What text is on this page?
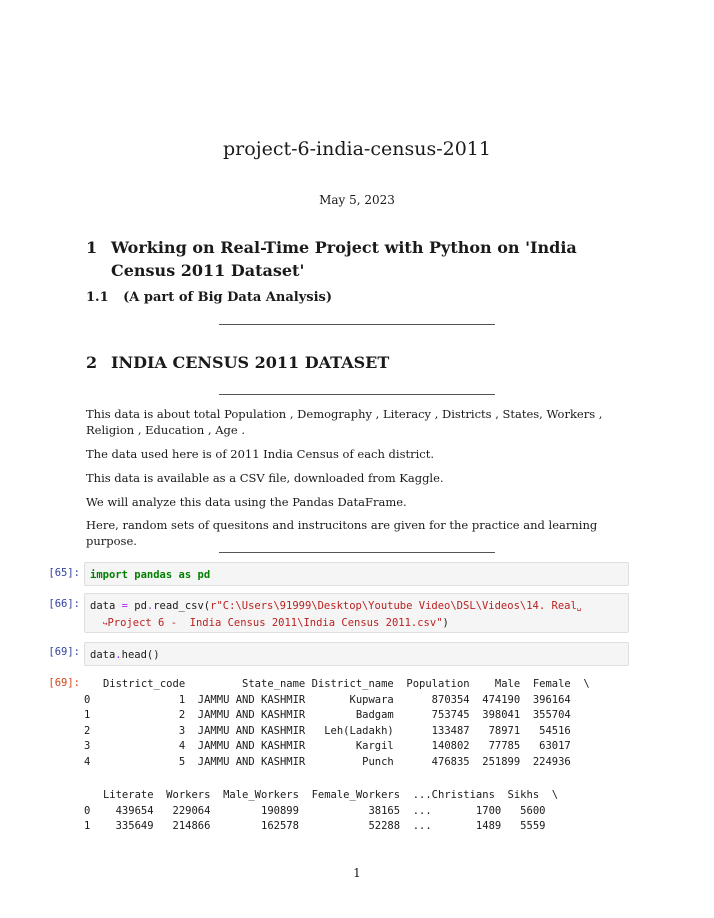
project-6-india-census-2011
May 5, 2023
1 Working on Real-Time Project with Python on 'India Census 2011 Dataset'
1.1 (A part of Big Data Analysis)
2 INDIA CENSUS 2011 DATASET
This data is about total Population , Demography , Literacy , Districts , States, Workers , Religion , Education , Age .
The data used here is of 2011 India Census of each district.
This data is available as a CSV file, downloaded from Kaggle.
We will analyze this data using the Pandas DataFrame.
Here, random sets of quesitons and instrucitons are given for the practice and learning purpose.
[65]: import pandas as pd
[66]: data = pd.read_csv(r"C:\Users\91999\Desktop\Youtube Video\DSL\Videos\14. Real␣
↪Project 6 -  India Census 2011\India Census 2011.csv")
[69]: data.head()
[69]:	District_code         State_name District_name  Population    Male  Female  \
0              1  JAMMU AND KASHMIR       Kupwara      870354  474190  396164
1              2  JAMMU AND KASHMIR        Badgam      753745  398041  355704
2              3  JAMMU AND KASHMIR   Leh(Ladakh)      133487   78971   54516
3              4  JAMMU AND KASHMIR        Kargil      140802   77785   63017
4              5  JAMMU AND KASHMIR         Punch      476835  251899  224936
Literate  Workers  Male_Workers  Female_Workers  ...Christians  Sikhs  \
0    439654   229064        190899           38165  ...       1700   5600
1    335649   214866        162578           52288  ...       1489   5559
1
